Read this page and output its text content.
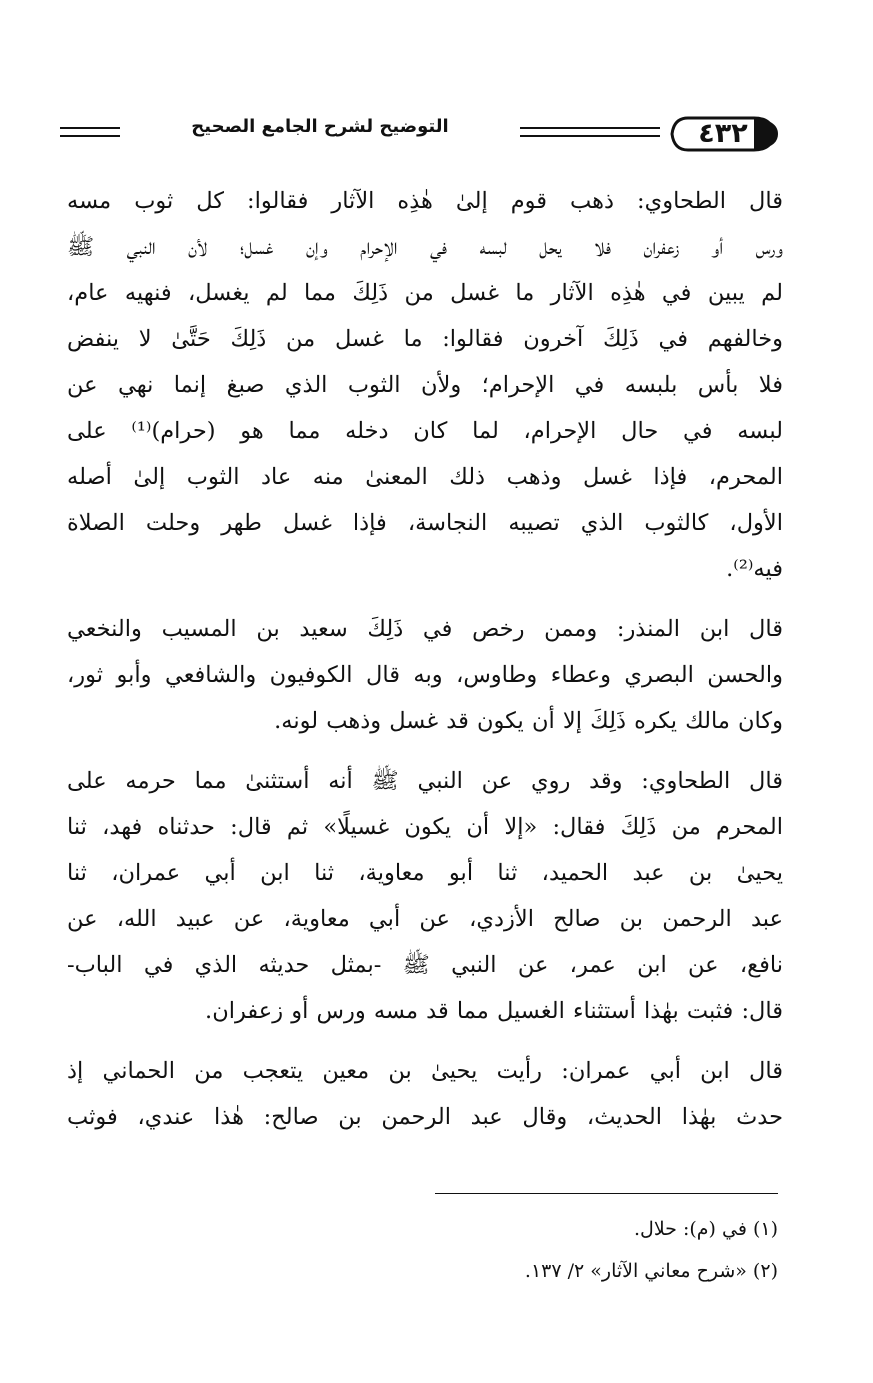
٤٣٢
التوضيح لشرح الجامع الصحيح

قال الطحاوي: ذهب قوم إلىٰ هٰذِه الآثار فقالوا: كل ثوب مسه
ورس أو زعفران فلا يحل لبسه في الإحرام وإن غسل؛ لأن النبي ﷺ
لم يبين في هٰذِه الآثار ما غسل من ذَلِكَ مما لم يغسل، فنهيه عام،
وخالفهم في ذَلِكَ آخرون فقالوا: ما غسل من ذَلِكَ حَتَّىٰ لا ينفض
فلا بأس بلبسه في الإحرام؛ ولأن الثوب الذي صبغ إنما نهي عن
لبسه في حال الإحرام، لما كان دخله مما هو (حرام)⁽¹⁾ على
المحرم، فإذا غسل وذهب ذلك المعنىٰ منه عاد الثوب إلىٰ أصله
الأول، كالثوب الذي تصيبه النجاسة، فإذا غسل طهر وحلت الصلاة
فيه⁽²⁾.

قال ابن المنذر: وممن رخص في ذَلِكَ سعيد بن المسيب والنخعي
والحسن البصري وعطاء وطاوس، وبه قال الكوفيون والشافعي وأبو ثور،
وكان مالك يكره ذَلِكَ إلا أن يكون قد غسل وذهب لونه.

قال الطحاوي: وقد روي عن النبي ﷺ أنه أستثنىٰ مما حرمه على
المحرم من ذَلِكَ فقال: «إلا أن يكون غسيلًا» ثم قال: حدثناه فهد، ثنا
يحيىٰ بن عبد الحميد، ثنا أبو معاوية، ثنا ابن أبي عمران، ثنا
عبد الرحمن بن صالح الأزدي، عن أبي معاوية، عن عبيد الله، عن
نافع، عن ابن عمر، عن النبي ﷺ -بمثل حديثه الذي في الباب-
قال: فثبت بهٰذا أستثناء الغسيل مما قد مسه ورس أو زعفران.

قال ابن أبي عمران: رأيت يحيىٰ بن معين يتعجب من الحماني إذ
حدث بهٰذا الحديث، وقال عبد الرحمن بن صالح: هٰذا عندي، فوثب

(١) في (م): حلال.
(٢) «شرح معاني الآثار» ٢/ ١٣٧.
